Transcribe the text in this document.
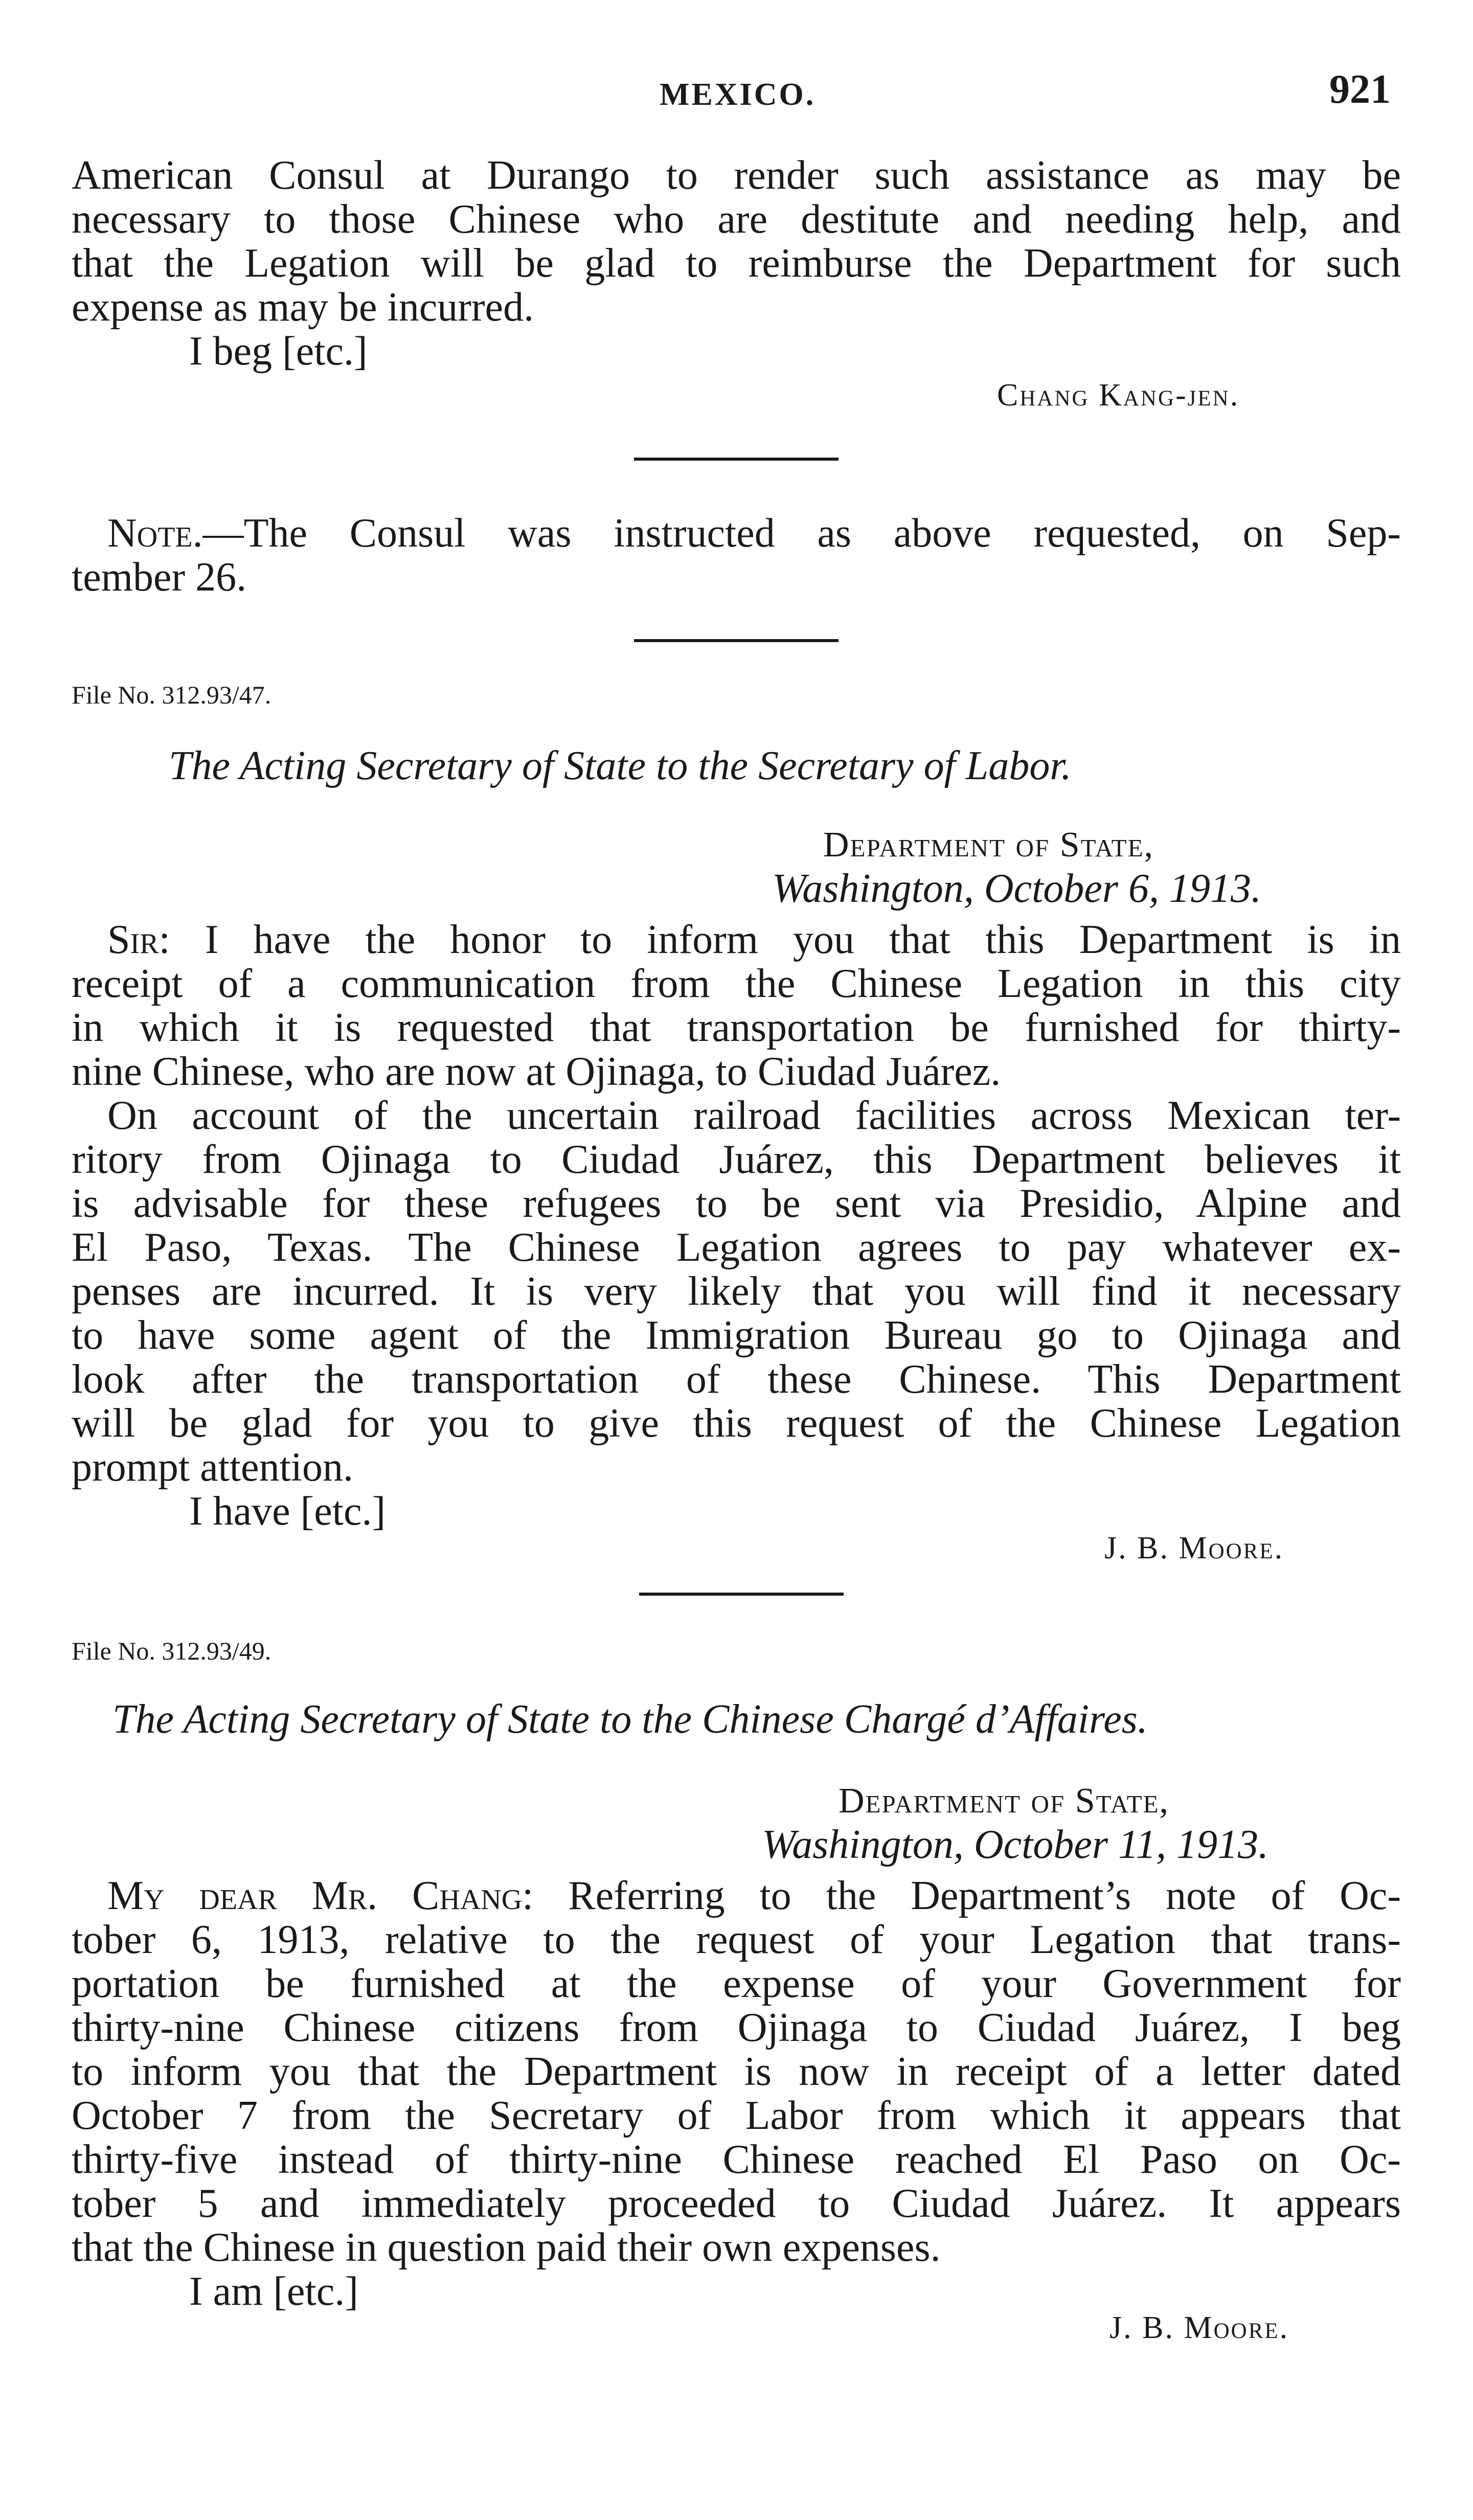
MEXICO.	921
American Consul at Durango to render such assistance as may be
necessary to those Chinese who are destitute and needing help, and
that the Legation will be glad to reimburse the Department for such
expense as may be incurred.
I beg [etc.]
Chang Kang-jen.
Note.—The Consul was instructed as above requested, on Sep-
tember 26.
File No. 312.93/47.
The Acting Secretary of State to the Secretary of Labor.
Department of State,
Washington, October 6, 1913.
Sir: I have the honor to inform you that this Department is in
receipt of a communication from the Chinese Legation in this city
in which it is requested that transportation be furnished for thirty-
nine Chinese, who are now at Ojinaga, to Ciudad Juárez.
On account of the uncertain railroad facilities across Mexican ter-
ritory from Ojinaga to Ciudad Juárez, this Department believes it
is advisable for these refugees to be sent via Presidio, Alpine and
El Paso, Texas. The Chinese Legation agrees to pay whatever ex-
penses are incurred. It is very likely that you will find it necessary
to have some agent of the Immigration Bureau go to Ojinaga and
look after the transportation of these Chinese. This Department
will be glad for you to give this request of the Chinese Legation
prompt attention.
I have [etc.]
J. B. Moore.
File No. 312.93/49.
The Acting Secretary of State to the Chinese Chargé d’Affaires.
Department of State,
Washington, October 11, 1913.
My dear Mr. Chang: Referring to the Department’s note of Oc-
tober 6, 1913, relative to the request of your Legation that trans-
portation be furnished at the expense of your Government for
thirty-nine Chinese citizens from Ojinaga to Ciudad Juárez, I beg
to inform you that the Department is now in receipt of a letter dated
October 7 from the Secretary of Labor from which it appears that
thirty-five instead of thirty-nine Chinese reached El Paso on Oc-
tober 5 and immediately proceeded to Ciudad Juárez. It appears
that the Chinese in question paid their own expenses.
I am [etc.]
J. B. Moore.
